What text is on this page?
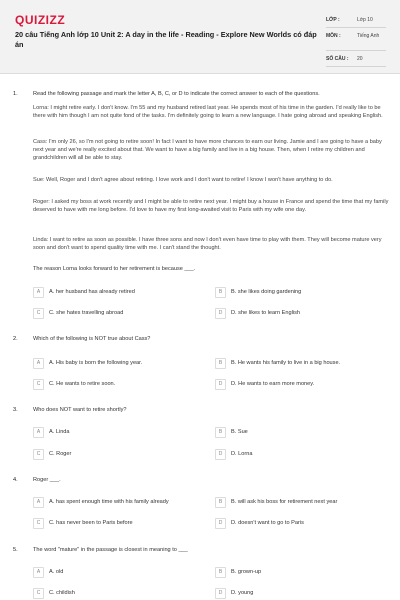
QUIZIZZ
20 câu Tiếng Anh lớp 10 Unit 2: A day in the life - Reading - Explore New Worlds có đáp án
LỚP :	Lớp 10
MÔN :	Tiếng Anh
SỐ CÂU : 20
1.	Read the following passage and mark the letter A, B, C, or D to indicate the correct answer to each of the questions.
Lorna: I might retire early. I don't know. I'm 55 and my husband retired last year. He spends most of his time in the garden. I'd really like to be there with him though I am not quite fond of the tasks. I'm definitely going to learn a new language. I hate going abroad and speaking English.
Cass: I'm only 26, so I'm not going to retire soon! In fact I want to have more chances to earn our living. Jamie and I are going to have a baby next year and we're really excited about that. We want to have a big family and live in a big house. Then, when I retire my children and grandchildren will all be able to stay.
Sue: Well, Roger and I don't agree about retiring. I love work and I don't want to retire! I know I won't have anything to do.
Roger: I asked my boss at work recently and I might be able to retire next year. I might buy a house in France and spend the time that my family deserved to have with me long before. I'd love to have my first long-awaited visit to Paris with my wife one day.
Linda: I want to retire as soon as possible. I have three sons and now I don't even have time to play with them. They will become mature very soon and don't want to spend quality time with me. I can't stand the thought.
The reason Lorna looks forward to her retirement is because ___.
A	A. her husband has already retired	B	B. she likes doing gardening
C	C. she hates travelling abroad	D	D. she likes to learn English
2.	Which of the following is NOT true about Cass?
A	A. His baby is born the following year.	B	B. He wants his family to live in a big house.
C	C. He wants to retire soon.	D	D. He wants to earn more money.
3.	Who does NOT want to retire shortly?
A	A. Linda	B	B. Sue
C	C. Roger	D	D. Lorna
4.	Roger ___.
A	A. has spent enough time with his family already	B	B. will ask his boss for retirement next year
C	C. has never been to Paris before	D	D. doesn't want to go to Paris
5.	The word "mature" in the passage is closest in meaning to ___
A	A. old	B	B. grown-up
C	C. childish	D	D. young
